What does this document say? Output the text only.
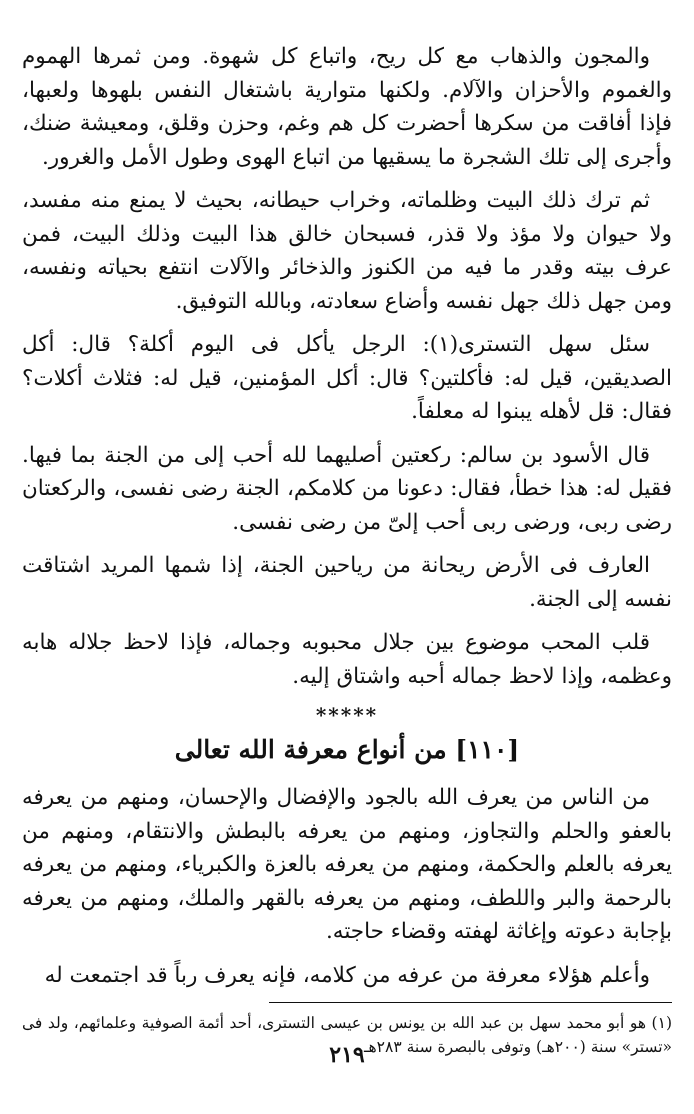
والمجون والذهاب مع كل ريح، واتباع كل شهوة. ومن ثمرها الهموم والغموم والأحزان والآلام. ولكنها متوارية باشتغال النفس بلهوها ولعبها، فإذا أفاقت من سكرها أحضرت كل هم وغم، وحزن وقلق، ومعيشة ضنك، وأجرى إلى تلك الشجرة ما يسقيها من اتباع الهوى وطول الأمل والغرور.

ثم ترك ذلك البيت وظلماته، وخراب حيطانه، بحيث لا يمنع منه مفسد، ولا حيوان ولا مؤذ ولا قذر، فسبحان خالق هذا البيت وذلك البيت، فمن عرف بيته وقدر ما فيه من الكنوز والذخائر والآلات انتفع بحياته ونفسه، ومن جهل ذلك جهل نفسه وأضاع سعادته، وبالله التوفيق.

سئل سهل التسترى(١): الرجل يأكل فى اليوم أكلة؟ قال: أكل الصديقين، قيل له: فأكلتين؟ قال: أكل المؤمنين، قيل له: فثلاث أكلات؟ فقال: قل لأهله يبنوا له معلفاً.

قال الأسود بن سالم: ركعتين أصليهما لله أحب إلى من الجنة بما فيها. فقيل له: هذا خطأ، فقال: دعونا من كلامكم، الجنة رضى نفسى، والركعتان رضى ربى، ورضى ربى أحب إلىّ من رضى نفسى.

العارف فى الأرض ريحانة من رياحين الجنة، إذا شمها المريد اشتاقت نفسه إلى الجنة.

قلب المحب موضوع بين جلال محبوبه وجماله، فإذا لاحظ جلاله هابه وعظمه، وإذا لاحظ جماله أحبه واشتاق إليه.

*****
[١١٠] من أنواع معرفة الله تعالى

من الناس من يعرف الله بالجود والإفضال والإحسان، ومنهم من يعرفه بالعفو والحلم والتجاوز، ومنهم من يعرفه بالبطش والانتقام، ومنهم من يعرفه بالعلم والحكمة، ومنهم من يعرفه بالعزة والكبرياء، ومنهم من يعرفه بالرحمة والبر واللطف، ومنهم من يعرفه بالقهر والملك، ومنهم من يعرفه بإجابة دعوته وإغاثة لهفته وقضاء حاجته.

وأعلم هؤلاء معرفة من عرفه من كلامه، فإنه يعرف رباً قد اجتمعت له

(١) هو أبو محمد سهل بن عبد الله بن يونس بن عيسى التسترى، أحد أئمة الصوفية وعلمائهم، ولد فى «تستر» سنة (٢٠٠هـ) وتوفى بالبصرة سنة ٢٨٣هـ.

٢١٩
